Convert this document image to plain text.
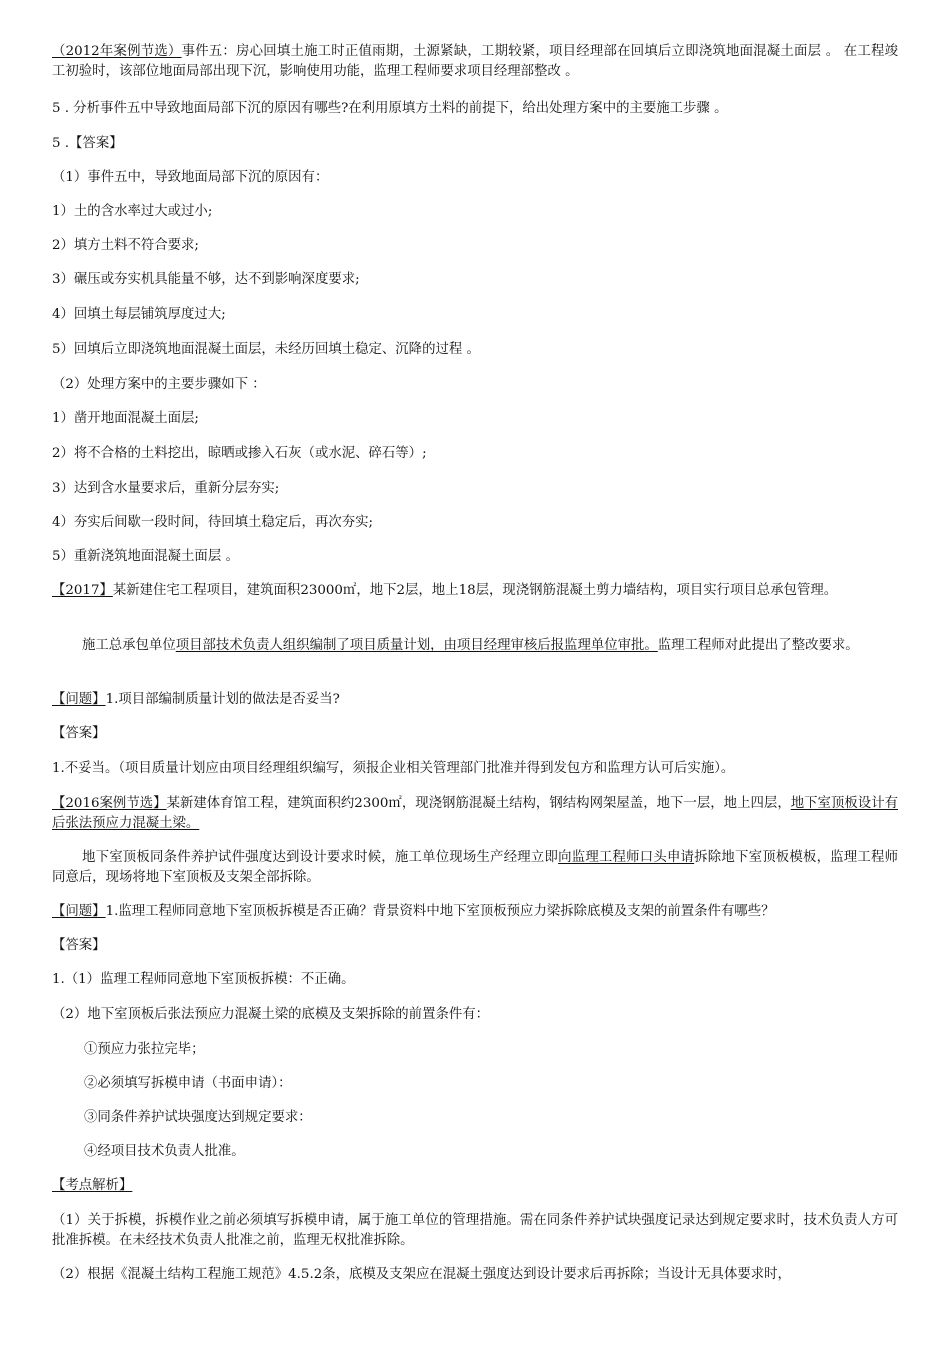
（2012年案例节选）事件五：房心回填土施工时正值雨期，土源紧缺，工期较紧，项目经理部在回填后立即浇筑地面混凝土面层 。 在工程竣工初验时，该部位地面局部出现下沉，影响使用功能，监理工程师要求项目经理部整改 。
5 . 分析事件五中导致地面局部下沉的原因有哪些?在利用原填方土料的前提下，给出处理方案中的主要施工步骤 。
5 .【答案】
（1）事件五中，导致地面局部下沉的原因有：
1）土的含水率过大或过小;
2）填方土料不符合要求;
3）碾压或夯实机具能量不够，达不到影响深度要求;
4）回填土每层铺筑厚度过大;
5）回填后立即浇筑地面混凝土面层，未经历回填土稳定、沉降的过程 。
（2）处理方案中的主要步骤如下 ：
1）凿开地面混凝土面层;
2）将不合格的土料挖出，晾晒或掺入石灰（或水泥、碎石等）;
3）达到含水量要求后，重新分层夯实;
4）夯实后间歇一段时间，待回填土稳定后，再次夯实;
5）重新浇筑地面混凝土面层 。
【2017】某新建住宅工程项目，建筑面积23000㎡，地下2层，地上18层，现浇钢筋混凝土剪力墙结构，项目实行项目总承包管理。
施工总承包单位项目部技术负责人组织编制了项目质量计划，由项目经理审核后报监理单位审批。监理工程师对此提出了整改要求。
【问题】1.项目部编制质量计划的做法是否妥当?
【答案】
1.不妥当。（项目质量计划应由项目经理组织编写，须报企业相关管理部门批准并得到发包方和监理方认可后实施）。
【2016案例节选】某新建体育馆工程，建筑面积约2300㎡，现浇钢筋混凝土结构，钢结构网架屋盖，地下一层，地上四层，地下室顶板设计有后张法预应力混凝土梁。
地下室顶板同条件养护试件强度达到设计要求时候，施工单位现场生产经理立即向监理工程师口头申请拆除地下室顶板模板，监理工程师同意后，现场将地下室顶板及支架全部拆除。
【问题】1.监理工程师同意地下室顶板拆模是否正确？背景资料中地下室顶板预应力梁拆除底模及支架的前置条件有哪些？
【答案】
1.（1）监理工程师同意地下室顶板拆模：不正确。
（2）地下室顶板后张法预应力混凝土梁的底模及支架拆除的前置条件有：
①预应力张拉完毕；
②必须填写拆模申请（书面申请）：
③同条件养护试块强度达到规定要求：
④经项目技术负责人批准。
【考点解析】
（1）关于拆模，拆模作业之前必须填写拆模申请，属于施工单位的管理措施。需在同条件养护试块强度记录达到规定要求时，技术负责人方可批准拆模。在未经技术负责人批准之前，监理无权批准拆除。
（2）根据《混凝土结构工程施工规范》4.5.2条，底模及支架应在混凝土强度达到设计要求后再拆除；当设计无具体要求时，
